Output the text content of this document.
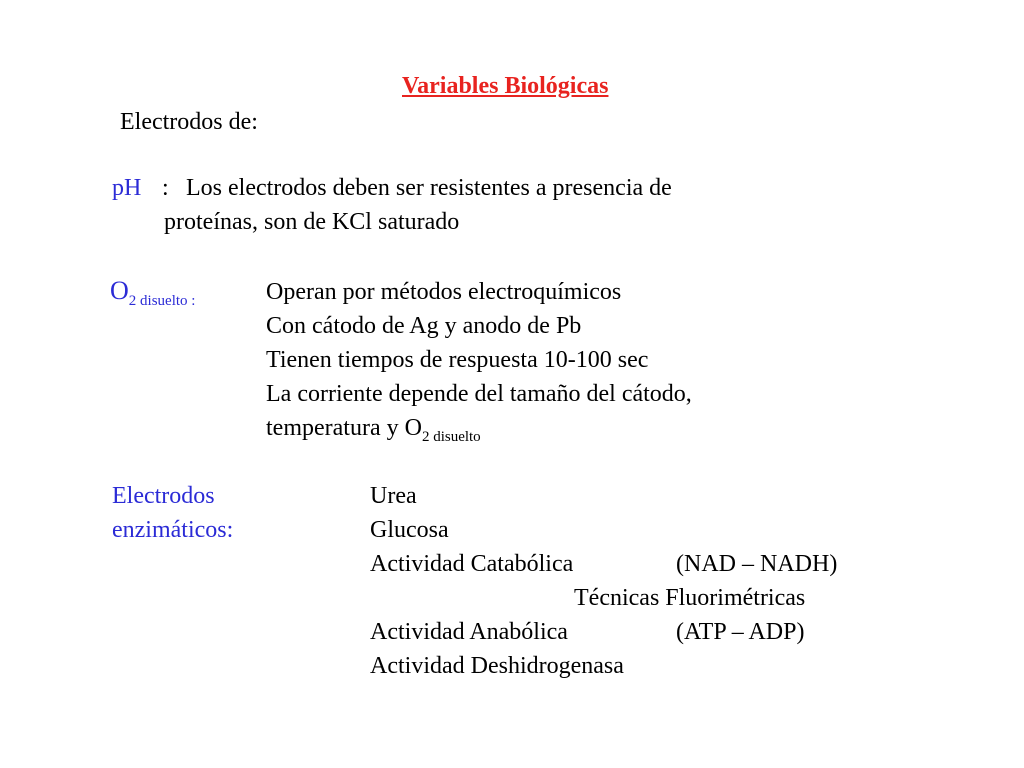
Variables Biológicas
Electrodos de:
pH : Los electrodos deben ser resistentes a presencia de
proteínas, son de KCl saturado
$O_{2 disuelto :}$	Operan por métodos electroquímicos
Con cátodo de Ag y anodo de Pb
Tienen tiempos de respuesta 10-100 sec
La corriente depende del tamaño del cátodo,
temperatura y $O_{2 disuelto}$
Electrodos
enzimáticos:
Urea
Glucosa
Actividad Catabólica	(NAD – NADH)
Técnicas Fluorimétricas
Actividad Anabólica	(ATP – ADP)
Actividad Deshidrogenasa
